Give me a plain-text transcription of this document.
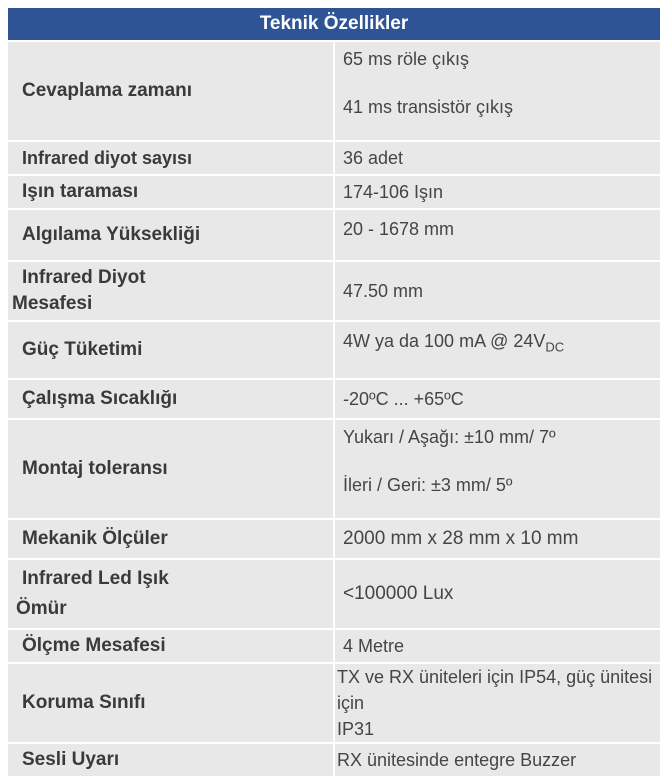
Teknik Özellikler	
Cevaplama zamanı	65 ms röle çıkış

41 ms transistör çıkış

Infrared diyot sayısı	36 adet
Işın taraması	174-106 Işın
Algılama Yüksekliği	20 - 1678 mm

Infrared Diyot
Mesafesi	47.50 mm
Güç Tüketimi	4W ya da 100 mA @ $24V_{DC}$
Çalışma Sıcaklığı	-20ºC ... +65ºC
Montaj toleransı	Yukarı / Aşağı: ±10 mm/ 7º

İleri / Geri: ±3 mm/ 5º

Mekanik Ölçüler	2000 mm x 28 mm x 10 mm

Infrared Led Işık
Ömür	<100000 Lux
Ölçme Mesafesi	4 Metre
Koruma Sınıfı	TX ve RX üniteleri için IP54, güç ünitesi için

IP31

Sesli Uyarı	RX ünitesinde entegre Buzzer
